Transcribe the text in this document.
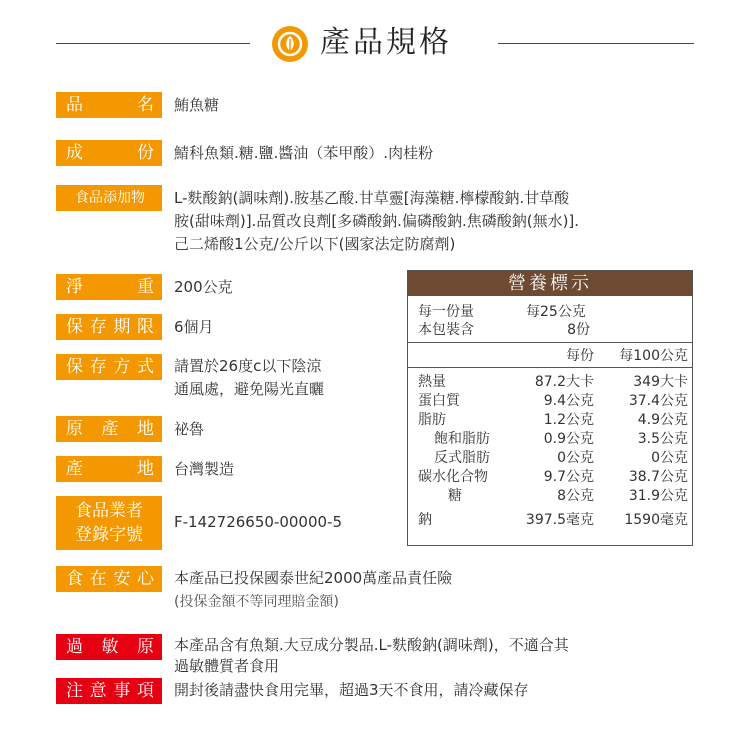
產品規格
品	名 鮪魚糖
成	份 鯖科魚類.糖.鹽.醬油（苯甲酸）.肉桂粉
食品添加物	L-麩酸鈉(調味劑).胺基乙酸.甘草靈[海藻糖.檸檬酸鈉.甘草酸
胺(甜味劑)].品質改良劑[多磷酸鈉.偏磷酸鈉.焦磷酸鈉(無水)].
己二烯酸1公克/公斤以下(國家法定防腐劑)
淨	重 200公克
保存期限 6個月
保存方式 請置於26度c以下陰涼
通風處，避免陽光直曬
原 產 地 祕魯
產	地 台灣製造
食品業者
登錄字號
F-142726650-00000-5
營養標示
每一份量	每25公克
本包裝含	8份
每份 每100公克
熱量	87.2大卡	349大卡
蛋白質	9.4公克 37.4公克
脂肪	1.2公克	4.9公克
飽和脂肪	0.9公克	3.5公克
反式脂肪	0公克	0公克
碳水化合物	9.7公克 38.7公克
糖	8公克 31.9公克
鈉	397.5毫克 1590毫克
食在安心 本產品已投保國泰世紀2000萬產品責任險
(投保金額不等同理賠金額)
過 敏 原 本產品含有魚類.大豆成分製品.L-麩酸鈉(調味劑)，不適合其
過敏體質者食用
注意事項 開封後請盡快食用完畢，超過3天不食用，請冷藏保存
